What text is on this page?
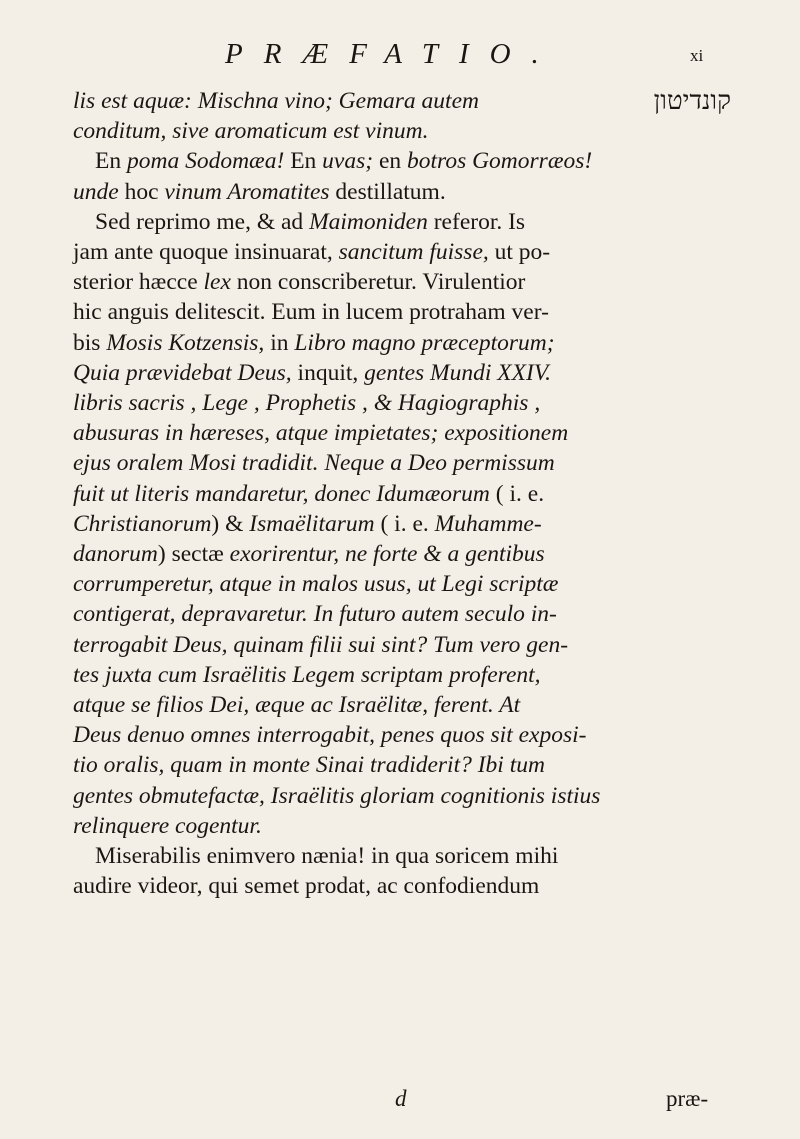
PRÆFATIO.	xi

קונדיטון
lis est aquæ: Mischna vino; Gemara autem

conditum, sive aromaticum est vinum.

En poma Sodomæa! En uvas; en botros Gomorræos!

unde hoc vinum Aromatites destillatum.

Sed reprimo me, & ad Maimoniden referor. Is

jam ante quoque insinuarat, sancitum fuisse, ut po-

sterior hæcce lex non conscriberetur. Virulentior

hic anguis delitescit. Eum in lucem protraham ver-

bis Mosis Kotzensis, in Libro magno præceptorum;

Quia prævidebat Deus, inquit, gentes Mundi XXIV.

libris sacris , Lege , Prophetis , & Hagiographis ,

abusuras in hæreses, atque impietates; expositionem

ejus oralem Mosi tradidit. Neque a Deo permissum

fuit ut literis mandaretur, donec Idumæorum ( i. e.

Christianorum) & Ismaëlitarum ( i. e. Muhamme-

danorum) sectæ exorirentur, ne forte & a gentibus

corrumperetur, atque in malos usus, ut Legi scriptæ

contigerat, depravaretur. In futuro autem seculo in-

terrogabit Deus, quinam filii sui sint? Tum vero gen-

tes juxta cum Israëlitis Legem scriptam proferent,

atque se filios Dei, æque ac Israëlitæ, ferent. At

Deus denuo omnes interrogabit, penes quos sit exposi-

tio oralis, quam in monte Sinai tradiderit? Ibi tum

gentes obmutefactæ, Israëlitis gloriam cognitionis istius

relinquere cogentur.

Miserabilis enimvero nænia! in qua soricem mihi

audire videor, qui semet prodat, ac confodiendum

d	præ-
